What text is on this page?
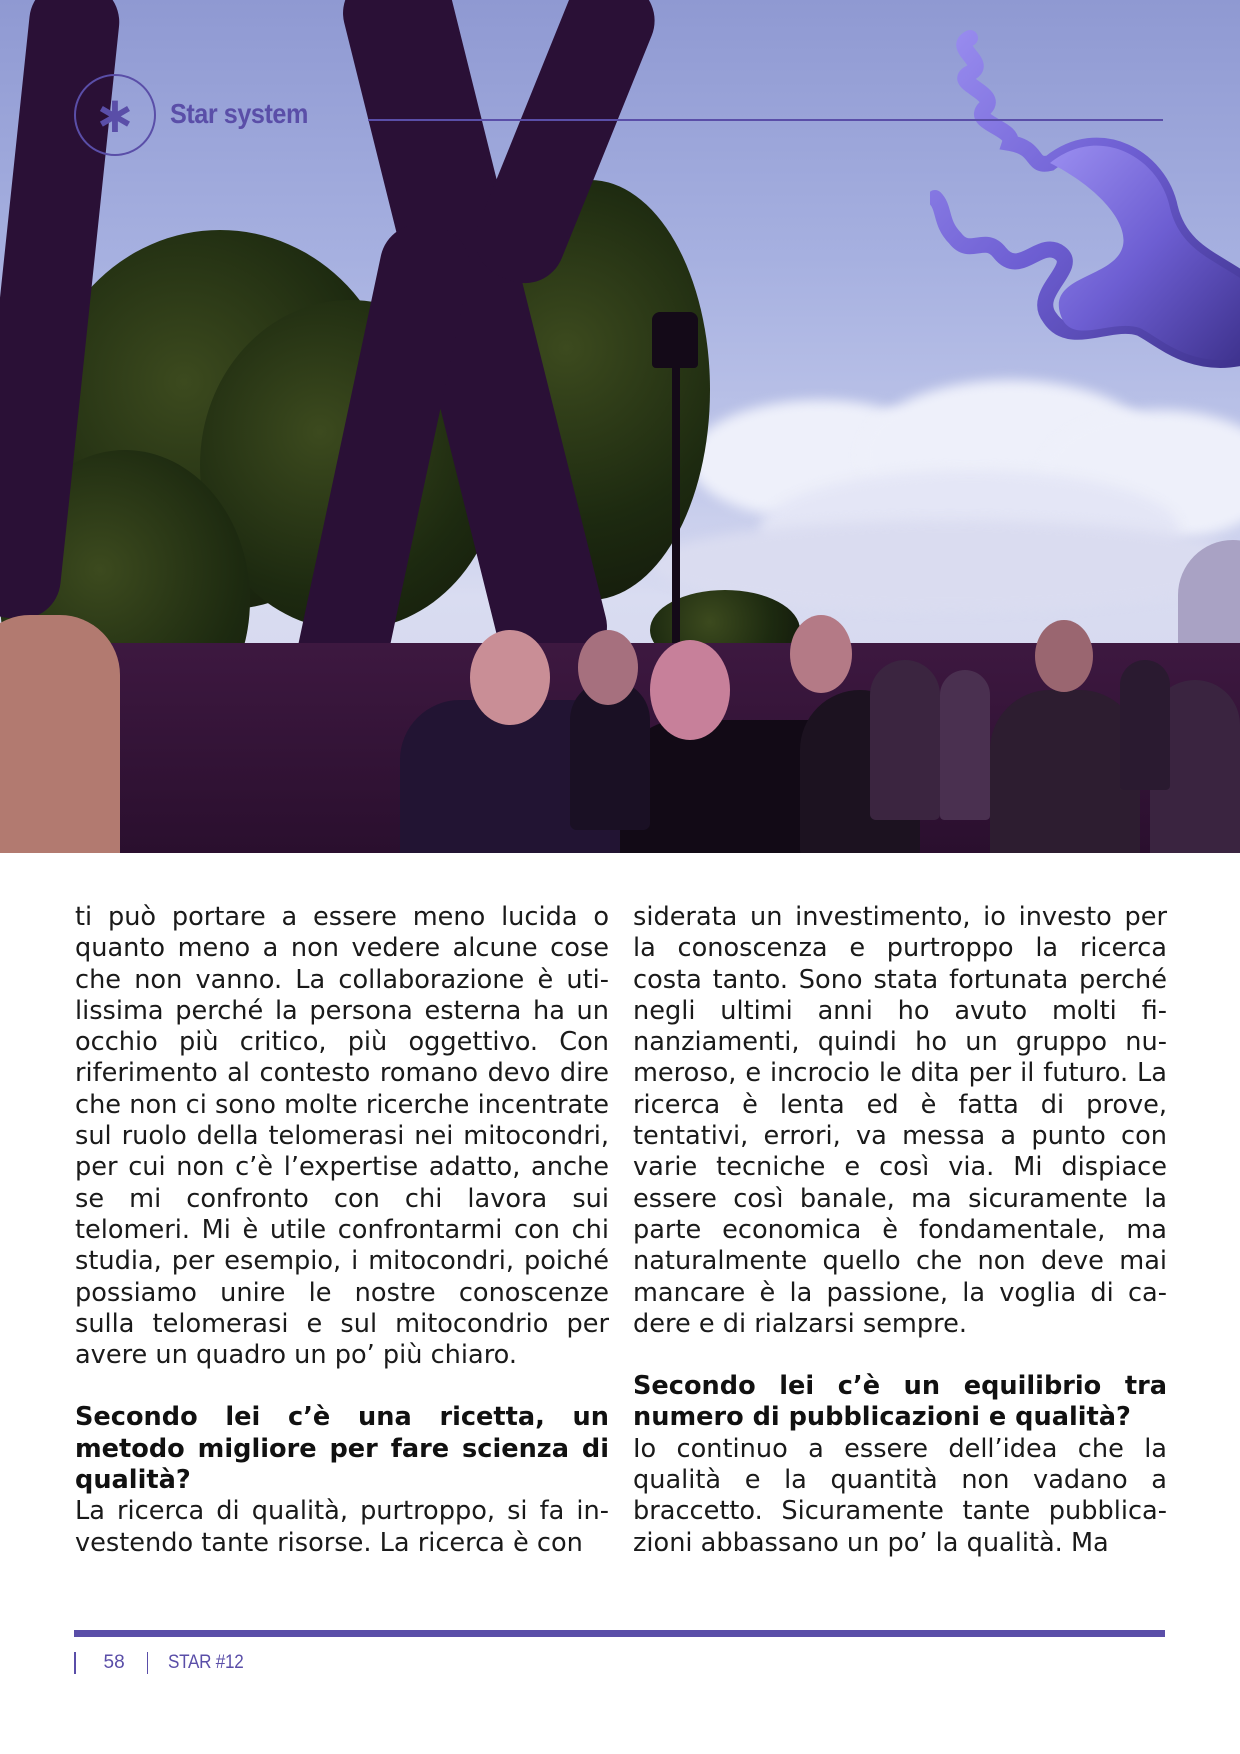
∗	Star system

ti può portare a essere meno lucida o quanto meno a non vedere alcune cose che non vanno. La collaborazione è utilissima perché la persona esterna ha un occhio più critico, più oggettivo. Con riferimento al contesto romano devo dire che non ci sono molte ricerche incentrate sul ruolo della telomerasi nei mitocondri, per cui non c’è l’expertise adatto, anche se mi confronto con chi lavora sui telomeri. Mi è utile confrontarmi con chi studia, per esempio, i mitocondri, poiché possiamo unire le nostre conoscenze sulla telomerasi e sul mitocondrio per avere un quadro un po’ più chiaro.

Secondo lei c’è una ricetta, un metodo migliore per fare scienza di qualità?

La ricerca di qualità, purtroppo, si fa investendo tante risorse. La ricerca è con

siderata un investimento, io investo per la conoscenza e purtroppo la ricerca costa tanto. Sono stata fortunata perché negli ultimi anni ho avuto molti finanziamenti, quindi ho un gruppo numeroso, e incrocio le dita per il futuro. La ricerca è lenta ed è fatta di prove, tentativi, errori, va messa a punto con varie tecniche e così via. Mi dispiace essere così banale, ma sicuramente la parte economica è fondamentale, ma naturalmente quello che non deve mai mancare è la passione, la voglia di cadere e di rialzarsi sempre.

Secondo lei c’è un equilibrio tra numero di pubblicazioni e qualità?

Io continuo a essere dell’idea che la qualità e la quantità non vadano a braccetto. Sicuramente tante pubblicazioni abbassano un po’ la qualità. Ma

58 STAR #12
